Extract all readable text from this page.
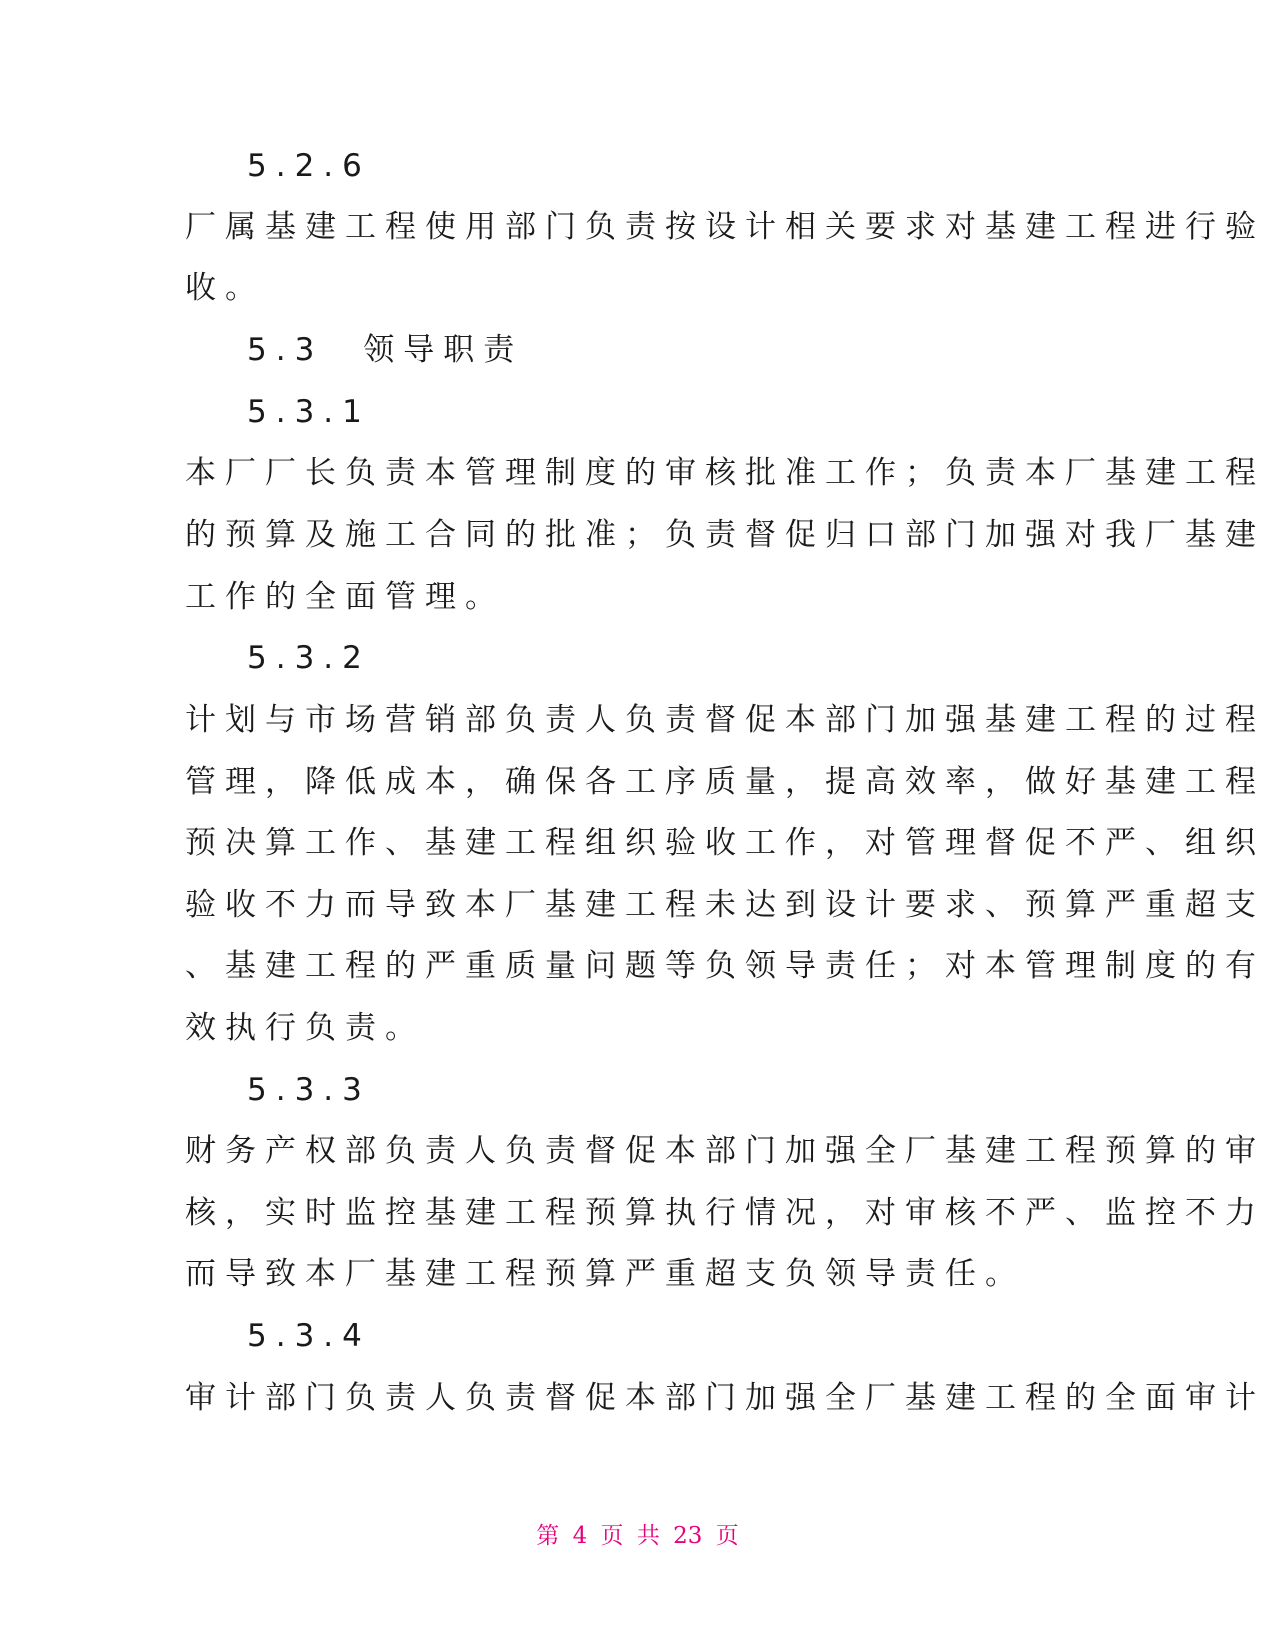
5.2.6
厂属基建工程使用部门负责按设计相关要求对基建工程进行验
收。
5.3　领导职责
5.3.1
本厂厂长负责本管理制度的审核批准工作；负责本厂基建工程
的预算及施工合同的批准；负责督促归口部门加强对我厂基建
工作的全面管理。
5.3.2
计划与市场营销部负责人负责督促本部门加强基建工程的过程
管理，降低成本，确保各工序质量，提高效率，做好基建工程
预决算工作、基建工程组织验收工作，对管理督促不严、组织
验收不力而导致本厂基建工程未达到设计要求、预算严重超支
、基建工程的严重质量问题等负领导责任；对本管理制度的有
效执行负责。
5.3.3
财务产权部负责人负责督促本部门加强全厂基建工程预算的审
核，实时监控基建工程预算执行情况，对审核不严、监控不力
而导致本厂基建工程预算严重超支负领导责任。
5.3.4
审计部门负责人负责督促本部门加强全厂基建工程的全面审计
第 4 页 共 23 页
